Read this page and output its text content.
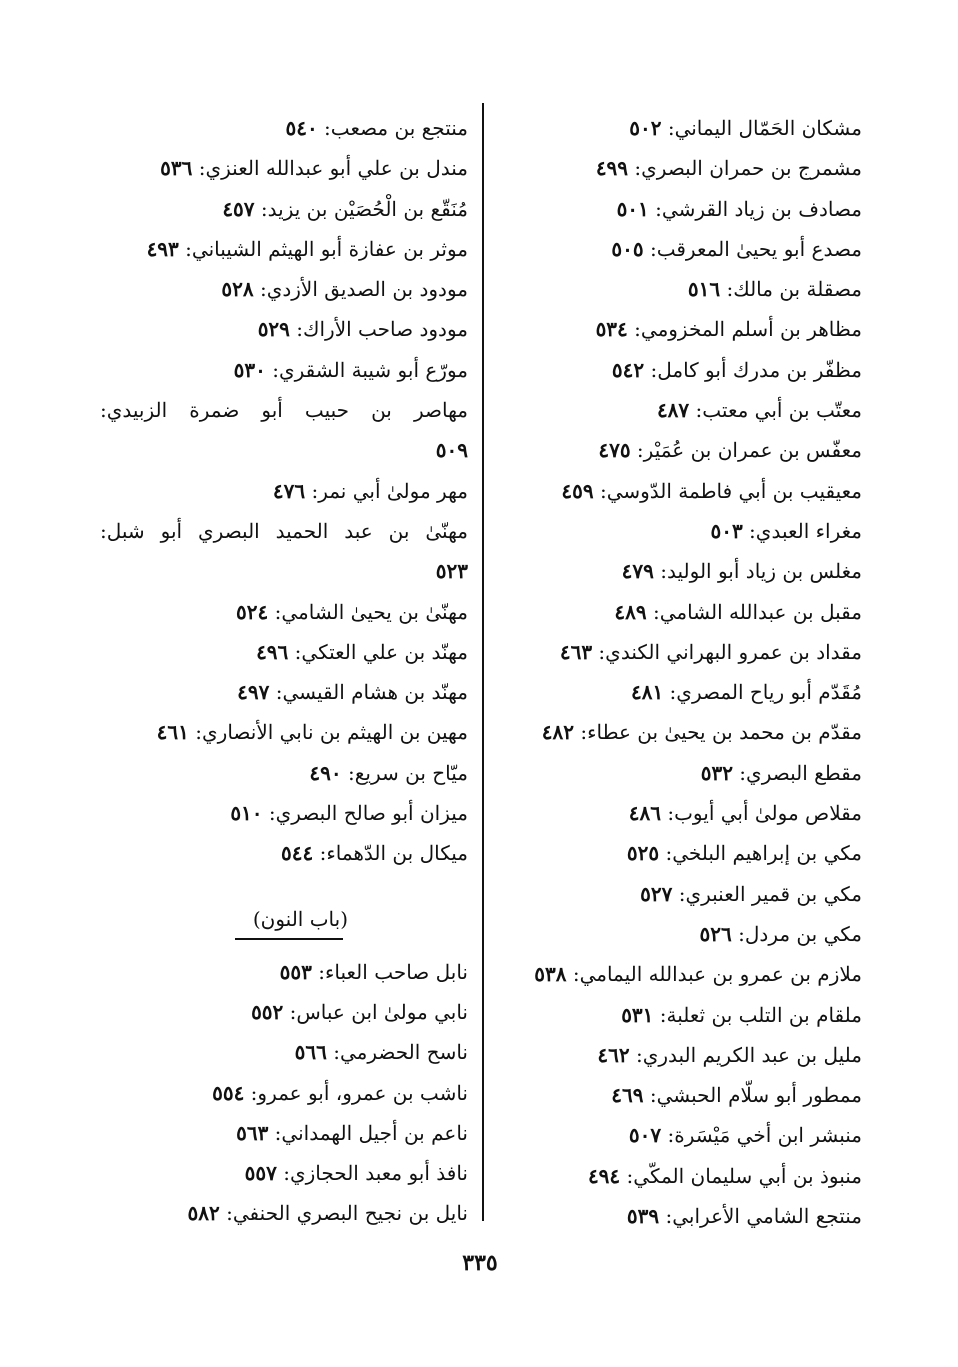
مشكان الحَمّال اليماني: ٥٠٢
مشمرج بن حمران البصري: ٤٩٩
مصادف بن زياد القرشي: ٥٠١
مصدع أبو يحيىٰ المعرقب: ٥٠٥
مصقلة بن مالك: ٥١٦
مظاهر بن أسلم المخزومي: ٥٣٤
مظفّر بن مدرك أبو كامل: ٥٤٢
معتّب بن أبي معتب: ٤٨٧
معفّس بن عمران بن عُمَيْر: ٤٧٥
معيقيب بن أبي فاطمة الدّوسي: ٤٥٩
مغراء العبدي: ٥٠٣
مغلس بن زياد أبو الوليد: ٤٧٩
مقبل بن عبدالله الشامي: ٤٨٩
مقداد بن عمرو البهراني الكندي: ٤٦٣
مُقَدّم أبو رياح المصري: ٤٨١
مقدّم بن محمد بن يحيىٰ بن عطاء: ٤٨٢
مقطع البصري: ٥٣٢
مقلاص مولىٰ أبي أيوب: ٤٨٦
مكي بن إبراهيم البلخي: ٥٢٥
مكي بن قمير العنبري: ٥٢٧
مكي بن مردل: ٥٢٦
ملازم بن عمرو بن عبدالله اليمامي: ٥٣٨
ملقام بن التلب بن ثعلبة: ٥٣١
مليل بن عبد الكريم البدري: ٤٦٢
ممطور أبو سلّام الحبشي: ٤٦٩
منبشر ابن أخي مَيْسَرة: ٥٠٧
منبوذ بن أبي سليمان المكّي: ٤٩٤
منتجع الشامي الأعرابي: ٥٣٩
منتجع بن مصعب: ٥٤٠
مندل بن علي أبو عبدالله العنزي: ٥٣٦
مُنَقّع بن الْحُصَيْن بن يزيد: ٤٥٧
موثر بن عفازة أبو الهيثم الشيباني: ٤٩٣
مودود بن الصديق الأزدي: ٥٢٨
مودود صاحب الأراك: ٥٢٩
مورّع أبو شيبة الشقري: ٥٣٠
مهاصر بن حبيب أبو ضمرة الزبيدي:
٥٠٩
مهر مولىٰ أبي نمر: ٤٧٦
مهنّىٰ بن عبد الحميد البصري أبو شبل:
٥٢٣
مهنّىٰ بن يحيىٰ الشامي: ٥٢٤
مهنّد بن علي العتكي: ٤٩٦
مهنّد بن هشام القيسي: ٤٩٧
مهين بن الهيثم بن نابي الأنصاري: ٤٦١
ميّاح بن سريع: ٤٩٠
ميزان أبو صالح البصري: ٥١٠
ميكال بن الدّهماء: ٥٤٤
(باب النون)
نابل صاحب العباء: ٥٥٣
نابي مولىٰ ابن عباس: ٥٥٢
ناسح الحضرمي: ٥٦٦
ناشب بن عمرو، أبو عمرو: ٥٥٤
ناعم بن أجيل الهمداني: ٥٦٣
نافذ أبو معبد الحجازي: ٥٥٧
نايل بن نجيح البصري الحنفي: ٥٨٢
٣٣٥
